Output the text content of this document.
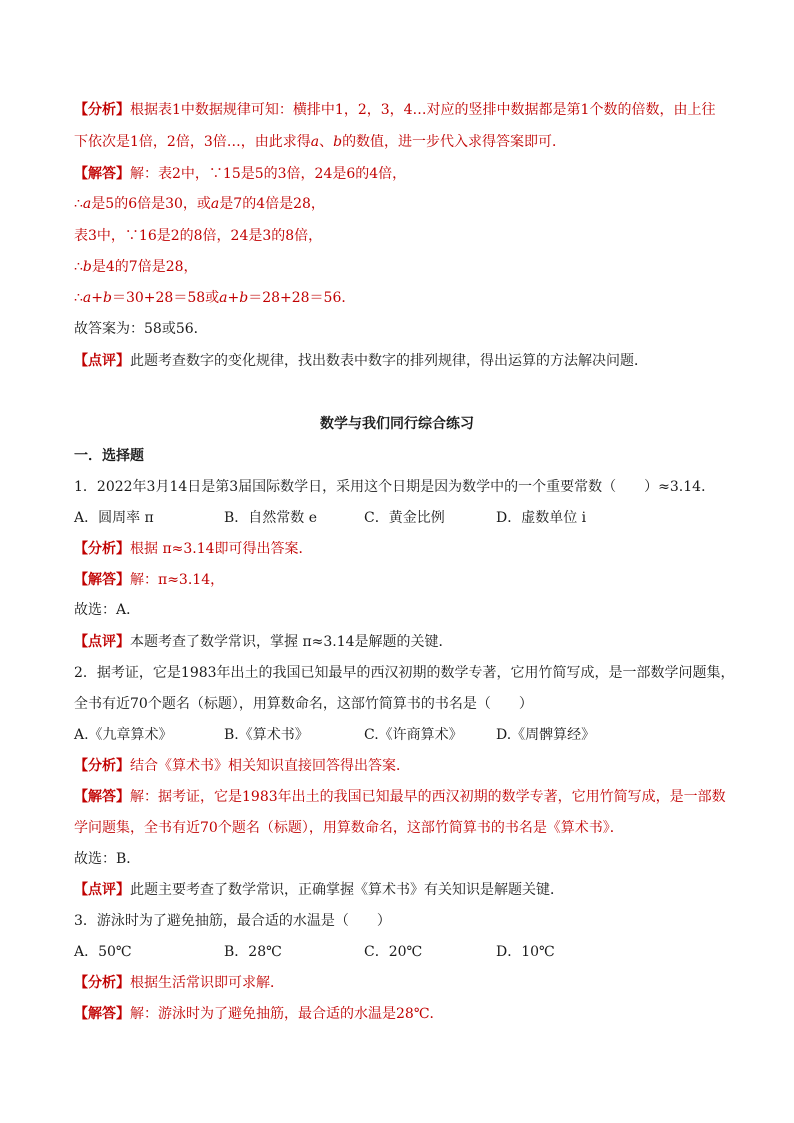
【分析】根据表1中数据规律可知：横排中1，2，3，4…对应的竖排中数据都是第1个数的倍数，由上往
下依次是1倍，2倍，3倍…，由此求得a、b的数值，进一步代入求得答案即可．
【解答】解：表2中，∵15是5的3倍，24是6的4倍，
∴a是5的6倍是30，或a是7的4倍是28，
表3中，∵16是2的8倍，24是3的8倍，
∴b是4的7倍是28，
∴a+b＝30+28＝58或a+b＝28+28＝56．
故答案为：58或56．
【点评】此题考查数字的变化规律，找出数表中数字的排列规律，得出运算的方法解决问题．
数学与我们同行综合练习
一．选择题
1．2022年3月14日是第3届国际数学日，采用这个日期是因为数学中的一个重要常数（　　）≈3.14．
A．圆周率 π	B．自然常数 e	C．黄金比例	D．虚数单位 i
【分析】根据 π≈3.14即可得出答案．
【解答】解：π≈3.14，
故选：A．
【点评】本题考查了数学常识，掌握 π≈3.14是解题的关键．
2．据考证，它是1983年出土的我国已知最早的西汉初期的数学专著，它用竹简写成，是一部数学问题集，
全书有近70个题名（标题），用算数命名，这部竹简算书的书名是（　　）
A.《九章算术》	B.《算术书》	C.《许商算术》 D.《周髀算经》
【分析】结合《算术书》相关知识直接回答得出答案．
【解答】解：据考证，它是1983年出土的我国已知最早的西汉初期的数学专著，它用竹简写成，是一部数
学问题集，全书有近70个题名（标题），用算数命名，这部竹简算书的书名是《算术书》．
故选：B．
【点评】此题主要考查了数学常识，正确掌握《算术书》有关知识是解题关键．
3．游泳时为了避免抽筋，最合适的水温是（　　）
A．50℃	B．28℃	C．20℃	D．10℃
【分析】根据生活常识即可求解．
【解答】解：游泳时为了避免抽筋，最合适的水温是28℃．
